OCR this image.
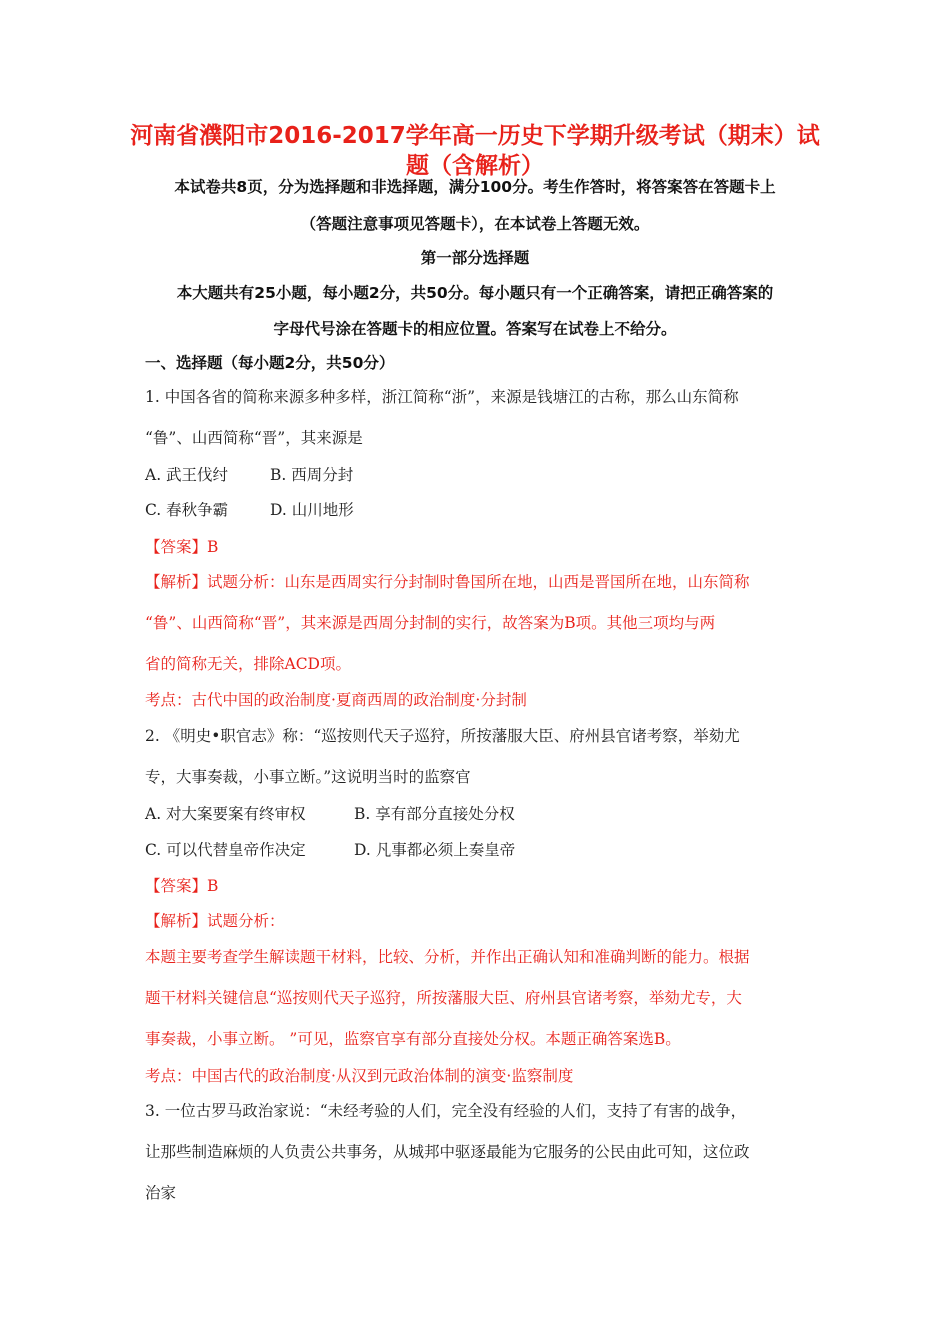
河南省濮阳市2016-2017学年高一历史下学期升级考试（期末）试
题（含解析）
本试卷共8页，分为选择题和非选择题，满分100分。考生作答时，将答案答在答题卡上
（答题注意事项见答题卡），在本试卷上答题无效。
第一部分选择题
本大题共有25小题，每小题2分，共50分。每小题只有一个正确答案，请把正确答案的
字母代号涂在答题卡的相应位置。答案写在试卷上不给分。
一、选择题（每小题2分，共50分）
1. 中国各省的简称来源多种多样，浙江简称“浙”，来源是钱塘江的古称，那么山东简称
“鲁”、山西简称“晋”，其来源是
A. 武王伐纣	B. 西周分封
C. 春秋争霸	D. 山川地形
【答案】B
【解析】试题分析：山东是西周实行分封制时鲁国所在地，山西是晋国所在地，山东简称
“鲁”、山西简称“晋”，其来源是西周分封制的实行，故答案为B项。其他三项均与两
省的简称无关，排除ACD项。
考点：古代中国的政治制度·夏商西周的政治制度·分封制
2. 《明史•职官志》称：“巡按则代天子巡狩，所按藩服大臣、府州县官诸考察，举劾尤
专，大事奏裁，小事立断。”这说明当时的监察官
A. 对大案要案有终审权	B. 享有部分直接处分权
C. 可以代替皇帝作决定	D. 凡事都必须上奏皇帝
【答案】B
【解析】试题分析：
本题主要考查学生解读题干材料，比较、分析，并作出正确认知和准确判断的能力。根据
题干材料关键信息“巡按则代天子巡狩，所按藩服大臣、府州县官诸考察，举劾尤专，大
事奏裁，小事立断。 ”可见，监察官享有部分直接处分权。本题正确答案选B。
考点：中国古代的政治制度·从汉到元政治体制的演变·监察制度
3. 一位古罗马政治家说：“未经考验的人们，完全没有经验的人们，支持了有害的战争，
让那些制造麻烦的人负责公共事务，从城邦中驱逐最能为它服务的公民由此可知，这位政
治家
